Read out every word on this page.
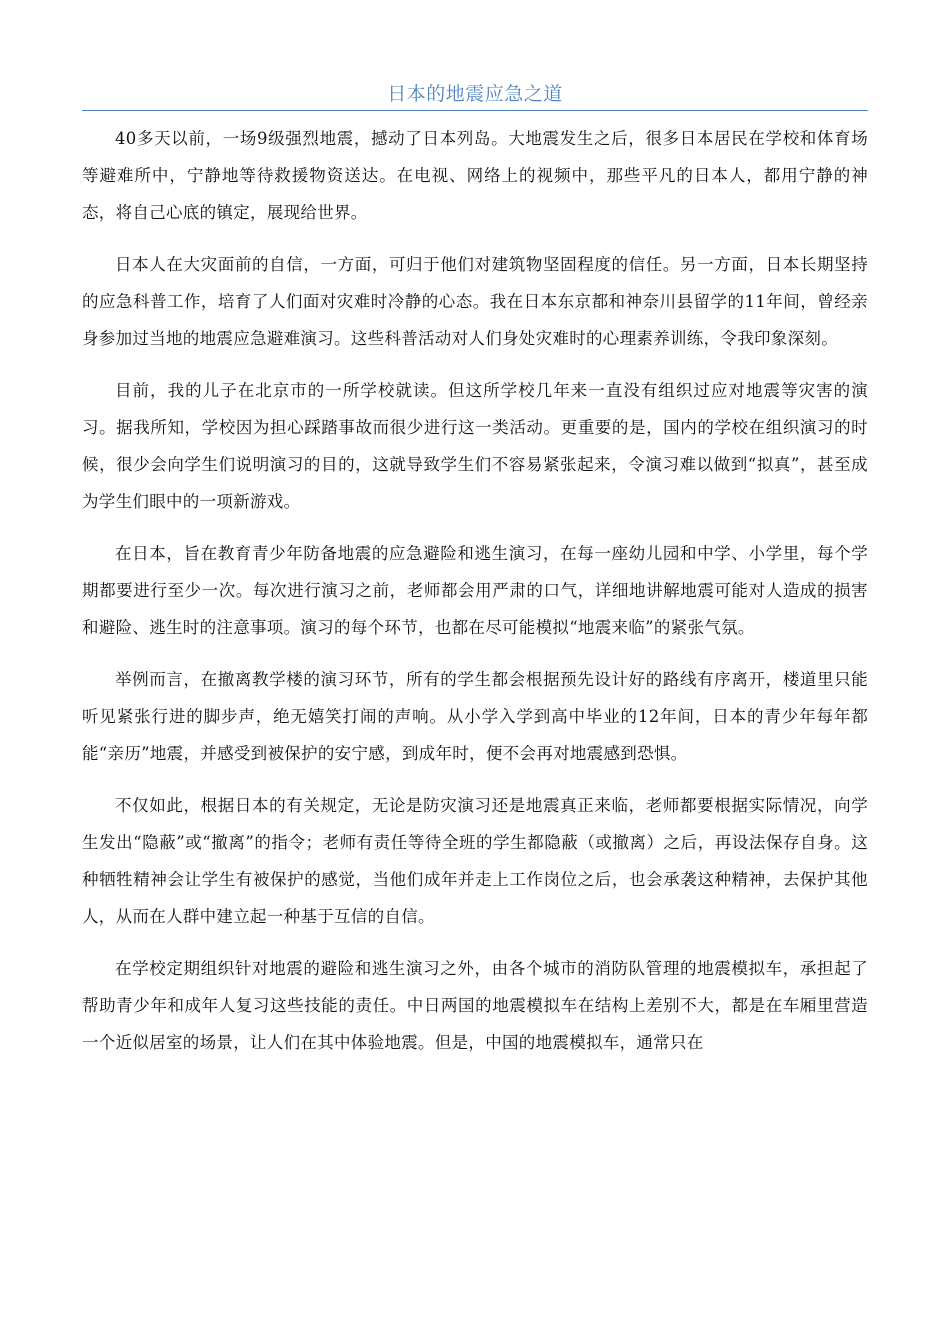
日本的地震应急之道

40多天以前，一场9级强烈地震，撼动了日本列岛。大地震发生之后，很多日本居民在学校和体育场等避难所中，宁静地等待救援物资送达。在电视、网络上的视频中，那些平凡的日本人，都用宁静的神态，将自己心底的镇定，展现给世界。

日本人在大灾面前的自信，一方面，可归于他们对建筑物坚固程度的信任。另一方面，日本长期坚持的应急科普工作，培育了人们面对灾难时冷静的心态。我在日本东京都和神奈川县留学的11年间，曾经亲身参加过当地的地震应急避难演习。这些科普活动对人们身处灾难时的心理素养训练，令我印象深刻。

目前，我的儿子在北京市的一所学校就读。但这所学校几年来一直没有组织过应对地震等灾害的演习。据我所知，学校因为担心踩踏事故而很少进行这一类活动。更重要的是，国内的学校在组织演习的时候，很少会向学生们说明演习的目的，这就导致学生们不容易紧张起来，令演习难以做到“拟真”，甚至成为学生们眼中的一项新游戏。

在日本，旨在教育青少年防备地震的应急避险和逃生演习，在每一座幼儿园和中学、小学里，每个学期都要进行至少一次。每次进行演习之前，老师都会用严肃的口气，详细地讲解地震可能对人造成的损害和避险、逃生时的注意事项。演习的每个环节，也都在尽可能模拟“地震来临”的紧张气氛。

举例而言，在撤离教学楼的演习环节，所有的学生都会根据预先设计好的路线有序离开，楼道里只能听见紧张行进的脚步声，绝无嬉笑打闹的声响。从小学入学到高中毕业的12年间，日本的青少年每年都能“亲历”地震，并感受到被保护的安宁感，到成年时，便不会再对地震感到恐惧。

不仅如此，根据日本的有关规定，无论是防灾演习还是地震真正来临，老师都要根据实际情况，向学生发出“隐蔽”或“撤离”的指令；老师有责任等待全班的学生都隐蔽（或撤离）之后，再设法保存自身。这种牺牲精神会让学生有被保护的感觉，当他们成年并走上工作岗位之后，也会承袭这种精神，去保护其他人，从而在人群中建立起一种基于互信的自信。

在学校定期组织针对地震的避险和逃生演习之外，由各个城市的消防队管理的地震模拟车，承担起了帮助青少年和成年人复习这些技能的责任。中日两国的地震模拟车在结构上差别不大，都是在车厢里营造一个近似居室的场景，让人们在其中体验地震。但是，中国的地震模拟车，通常只在
